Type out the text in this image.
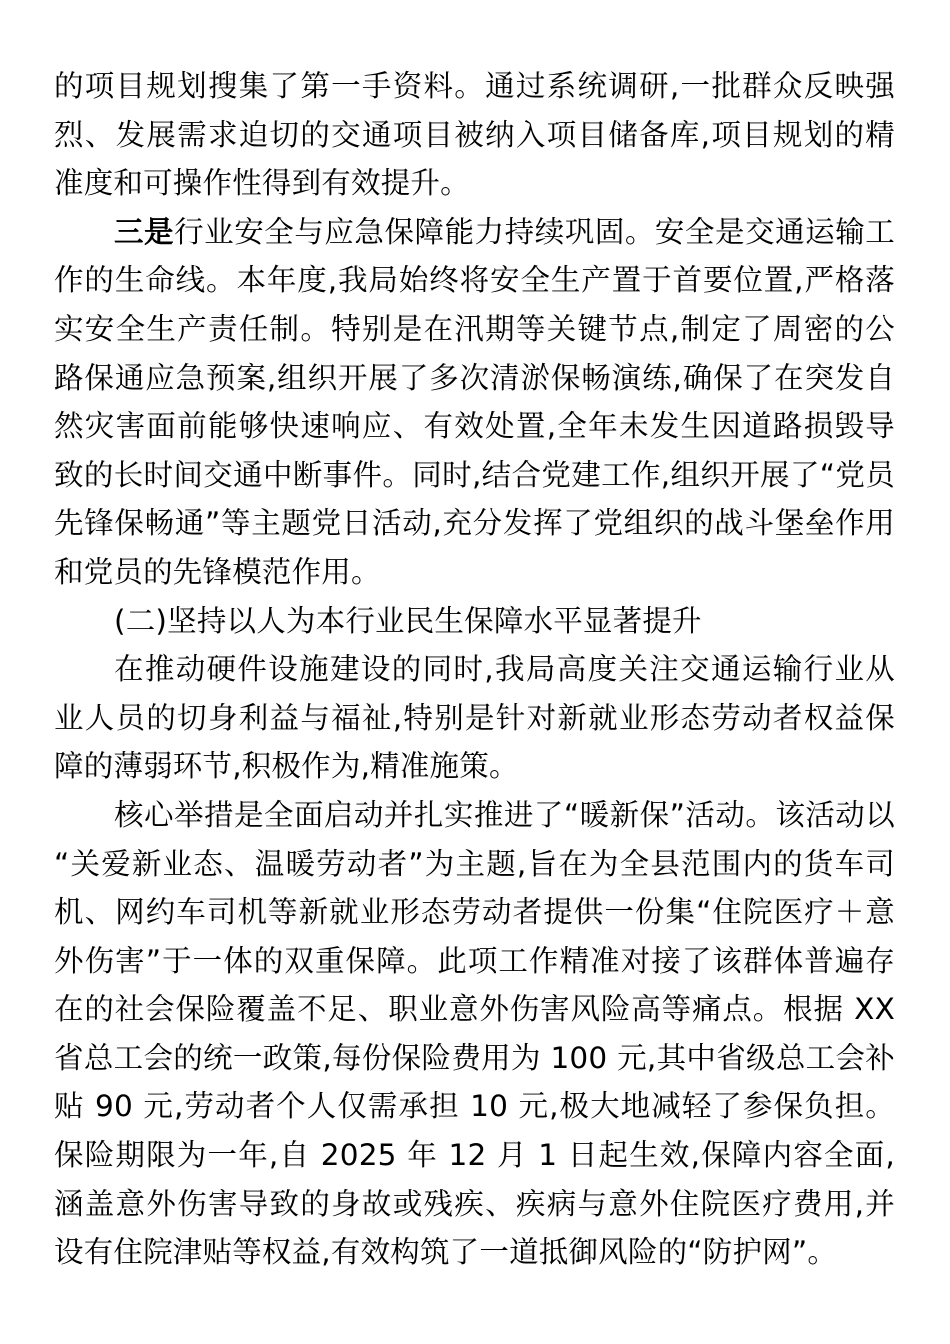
的项目规划搜集了第一手资料。通过系统调研,一批群众反映强烈、发展需求迫切的交通项目被纳入项目储备库,项目规划的精准度和可操作性得到有效提升。

三是行业安全与应急保障能力持续巩固。安全是交通运输工作的生命线。本年度,我局始终将安全生产置于首要位置,严格落实安全生产责任制。特别是在汛期等关键节点,制定了周密的公路保通应急预案,组织开展了多次清淤保畅演练,确保了在突发自然灾害面前能够快速响应、有效处置,全年未发生因道路损毁导致的长时间交通中断事件。同时,结合党建工作,组织开展了“党员先锋保畅通”等主题党日活动,充分发挥了党组织的战斗堡垒作用和党员的先锋模范作用。

(二)坚持以人为本行业民生保障水平显著提升

在推动硬件设施建设的同时,我局高度关注交通运输行业从业人员的切身利益与福祉,特别是针对新就业形态劳动者权益保障的薄弱环节,积极作为,精准施策。

核心举措是全面启动并扎实推进了“暖新保”活动。该活动以“关爱新业态、温暖劳动者”为主题,旨在为全县范围内的货车司机、网约车司机等新就业形态劳动者提供一份集“住院医疗＋意外伤害”于一体的双重保障。此项工作精准对接了该群体普遍存在的社会保险覆盖不足、职业意外伤害风险高等痛点。根据 XX 省总工会的统一政策,每份保险费用为 100 元,其中省级总工会补贴 90 元,劳动者个人仅需承担 10 元,极大地减轻了参保负担。保险期限为一年,自 2025 年 12 月 1 日起生效,保障内容全面,涵盖意外伤害导致的身故或残疾、疾病与意外住院医疗费用,并设有住院津贴等权益,有效构筑了一道抵御风险的“防护网”。
